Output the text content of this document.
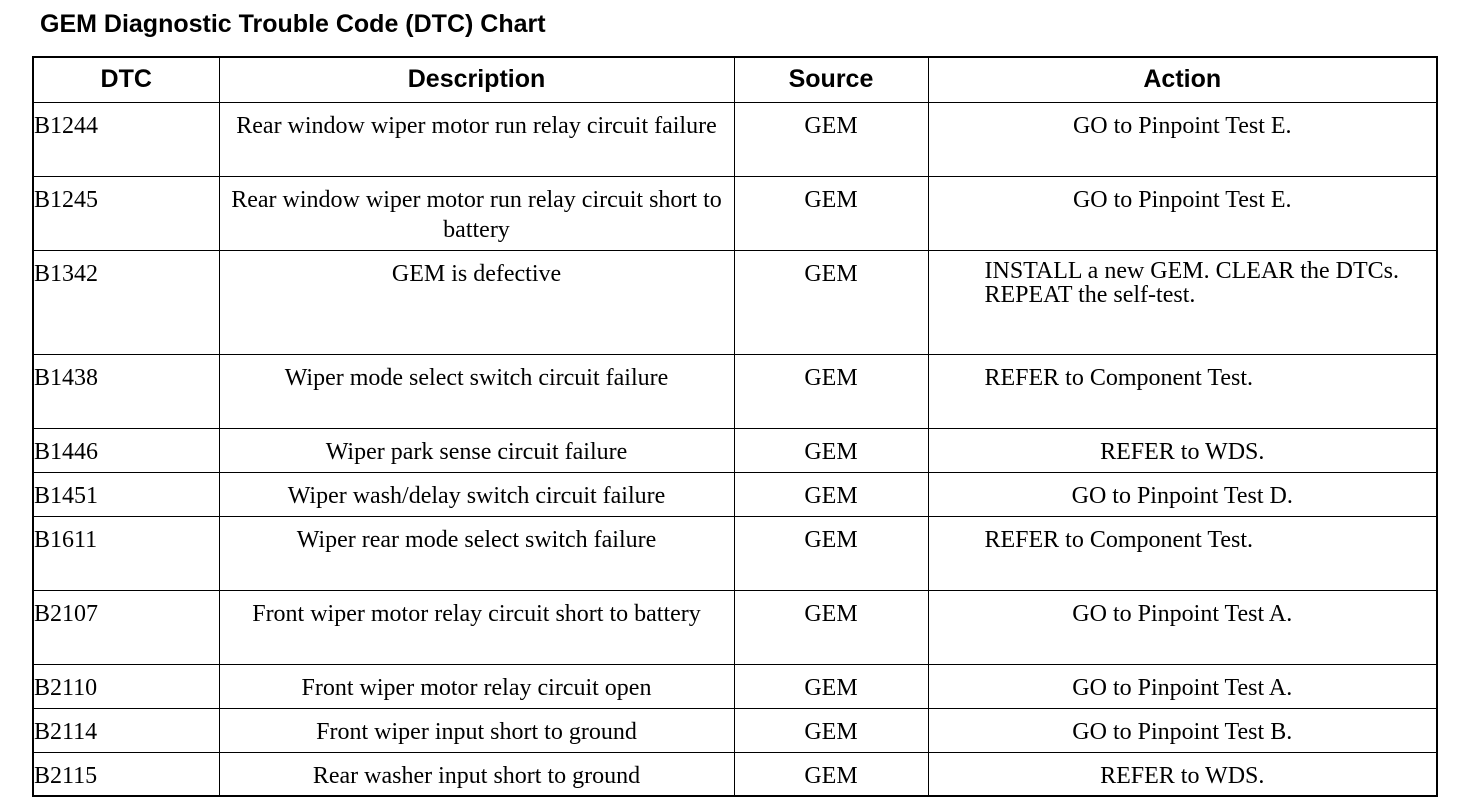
GEM Diagnostic Trouble Code (DTC) Chart
DTC	Description	Source	Action
B1244	Rear window wiper motor run relay circuit failure	GEM	GO to Pinpoint Test E.
B1245	Rear window wiper motor run relay circuit short to battery	GEM	GO to Pinpoint Test E.
B1342	GEM is defective	GEM	INSTALL a new GEM. CLEAR the DTCs. REPEAT the self-test.
B1438	Wiper mode select switch circuit failure	GEM	REFER to Component Test.
B1446	Wiper park sense circuit failure	GEM	REFER to WDS.
B1451	Wiper wash/delay switch circuit failure	GEM	GO to Pinpoint Test D.
B1611	Wiper rear mode select switch failure	GEM	REFER to Component Test.
B2107	Front wiper motor relay circuit short to battery	GEM	GO to Pinpoint Test A.
B2110	Front wiper motor relay circuit open	GEM	GO to Pinpoint Test A.
B2114	Front wiper input short to ground	GEM	GO to Pinpoint Test B.
B2115	Rear washer input short to ground	GEM	REFER to WDS.
